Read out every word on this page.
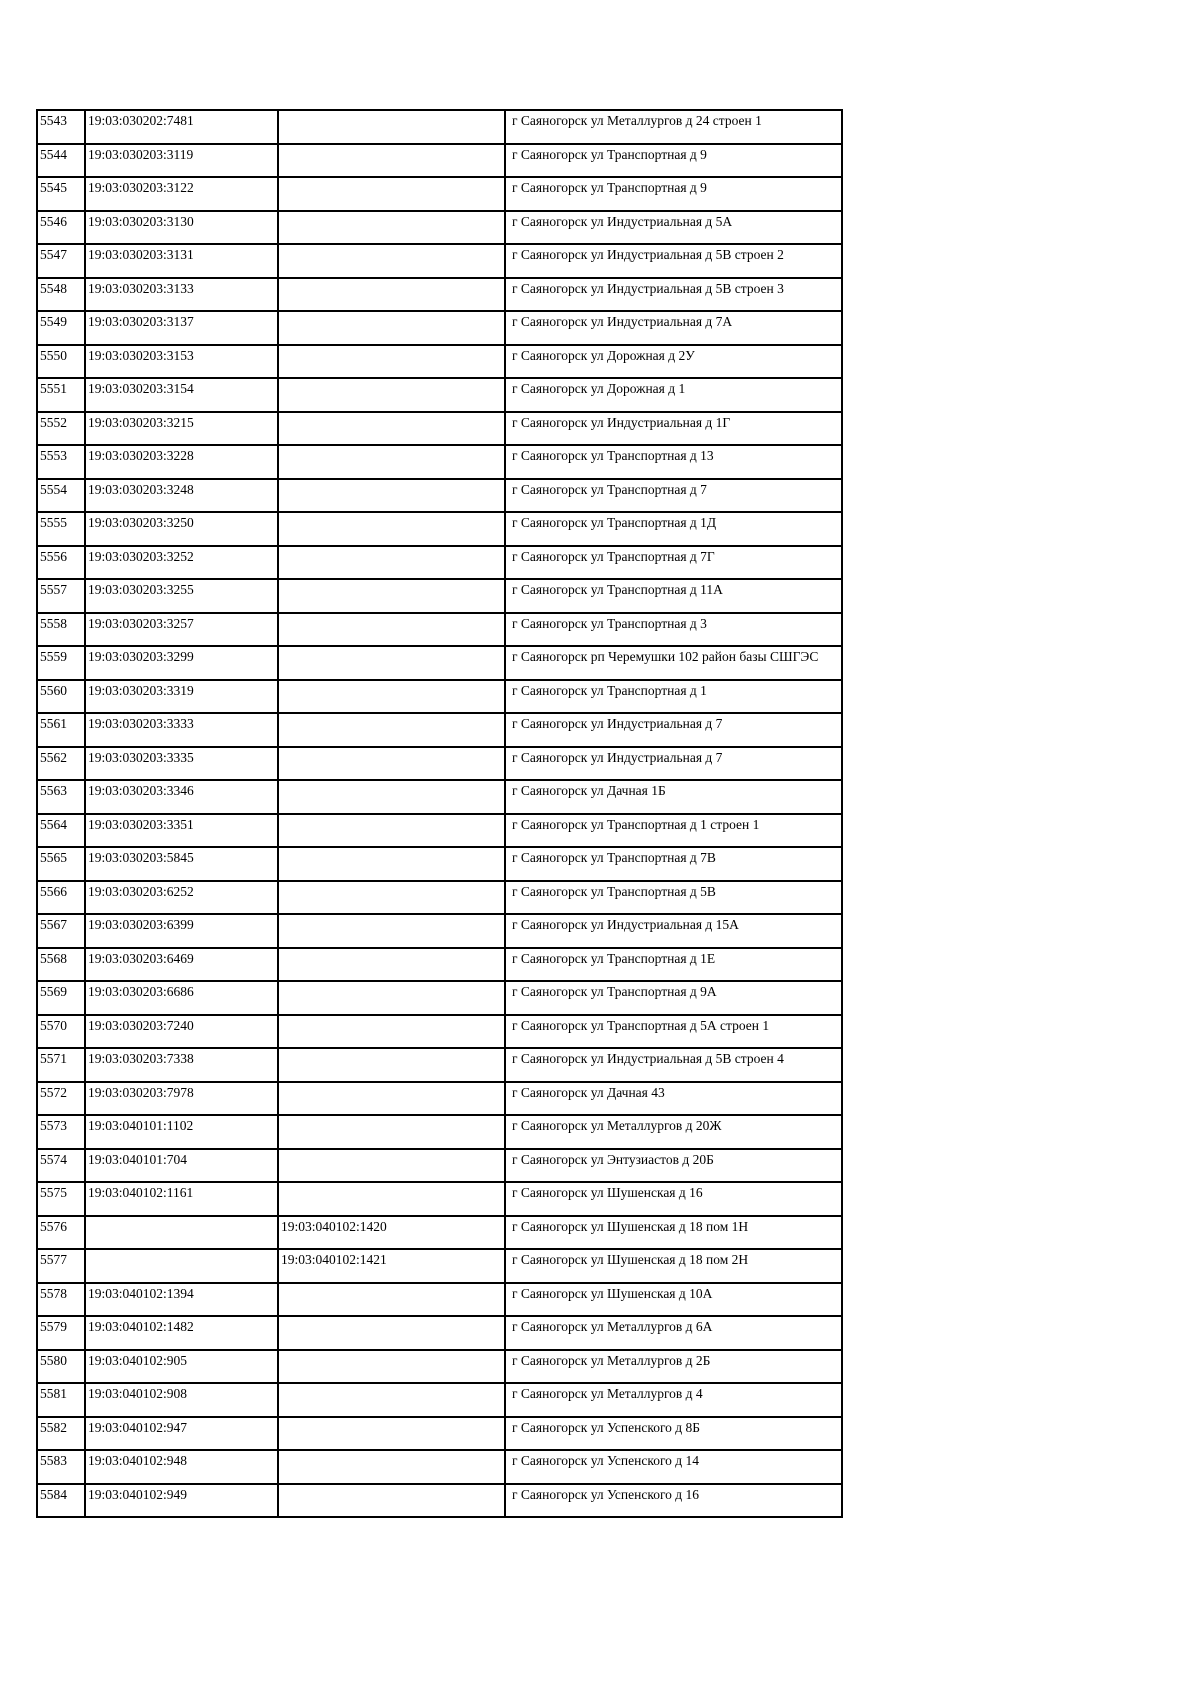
5543	19:03:030202:7481		г Саяногорск ул Металлургов д 24 строен 1

5544	19:03:030203:3119		г Саяногорск ул Транспортная д 9

5545	19:03:030203:3122		г Саяногорск ул Транспортная д 9

5546	19:03:030203:3130		г Саяногорск ул Индустриальная д 5А

5547	19:03:030203:3131		г Саяногорск ул Индустриальная д 5В строен 2

5548	19:03:030203:3133		г Саяногорск ул Индустриальная д 5В строен 3

5549	19:03:030203:3137		г Саяногорск ул Индустриальная д 7А

5550	19:03:030203:3153		г Саяногорск ул Дорожная д 2У

5551	19:03:030203:3154		г Саяногорск ул Дорожная д 1

5552	19:03:030203:3215		г Саяногорск ул Индустриальная д 1Г

5553	19:03:030203:3228		г Саяногорск ул Транспортная д 13

5554	19:03:030203:3248		г Саяногорск ул Транспортная д 7

5555	19:03:030203:3250		г Саяногорск ул Транспортная д 1Д

5556	19:03:030203:3252		г Саяногорск ул Транспортная д 7Г

5557	19:03:030203:3255		г Саяногорск ул Транспортная д 11А

5558	19:03:030203:3257		г Саяногорск ул Транспортная д 3

5559	19:03:030203:3299		г Саяногорск рп Черемушки 102 район базы СШГЭС

5560	19:03:030203:3319		г Саяногорск ул Транспортная д 1

5561	19:03:030203:3333		г Саяногорск ул Индустриальная д 7

5562	19:03:030203:3335		г Саяногорск ул Индустриальная д 7

5563	19:03:030203:3346		г Саяногорск ул Дачная 1Б

5564	19:03:030203:3351		г Саяногорск ул Транспортная д 1 строен 1

5565	19:03:030203:5845		г Саяногорск ул Транспортная д 7В

5566	19:03:030203:6252		г Саяногорск ул Транспортная д 5В

5567	19:03:030203:6399		г Саяногорск ул Индустриальная д 15А

5568	19:03:030203:6469		г Саяногорск ул Транспортная д 1Е

5569	19:03:030203:6686		г Саяногорск ул Транспортная д 9А

5570	19:03:030203:7240		г Саяногорск ул Транспортная д 5А строен 1

5571	19:03:030203:7338		г Саяногорск ул Индустриальная д 5В строен 4

5572	19:03:030203:7978		г Саяногорск ул Дачная 43

5573	19:03:040101:1102		г Саяногорск ул Металлургов д 20Ж

5574	19:03:040101:704		г Саяногорск ул Энтузиастов д 20Б

5575	19:03:040102:1161		г Саяногорск ул Шушенская д 16

5576		19:03:040102:1420	г Саяногорск ул Шушенская д 18 пом 1Н

5577		19:03:040102:1421	г Саяногорск ул Шушенская д 18 пом 2Н

5578	19:03:040102:1394		г Саяногорск ул Шушенская д 10А

5579	19:03:040102:1482		г Саяногорск ул Металлургов д 6А

5580	19:03:040102:905		г Саяногорск ул Металлургов д 2Б

5581	19:03:040102:908		г Саяногорск ул Металлургов д 4

5582	19:03:040102:947		г Саяногорск ул Успенского д 8Б

5583	19:03:040102:948		г Саяногорск ул Успенского д 14

5584	19:03:040102:949		г Саяногорск ул Успенского д 16
